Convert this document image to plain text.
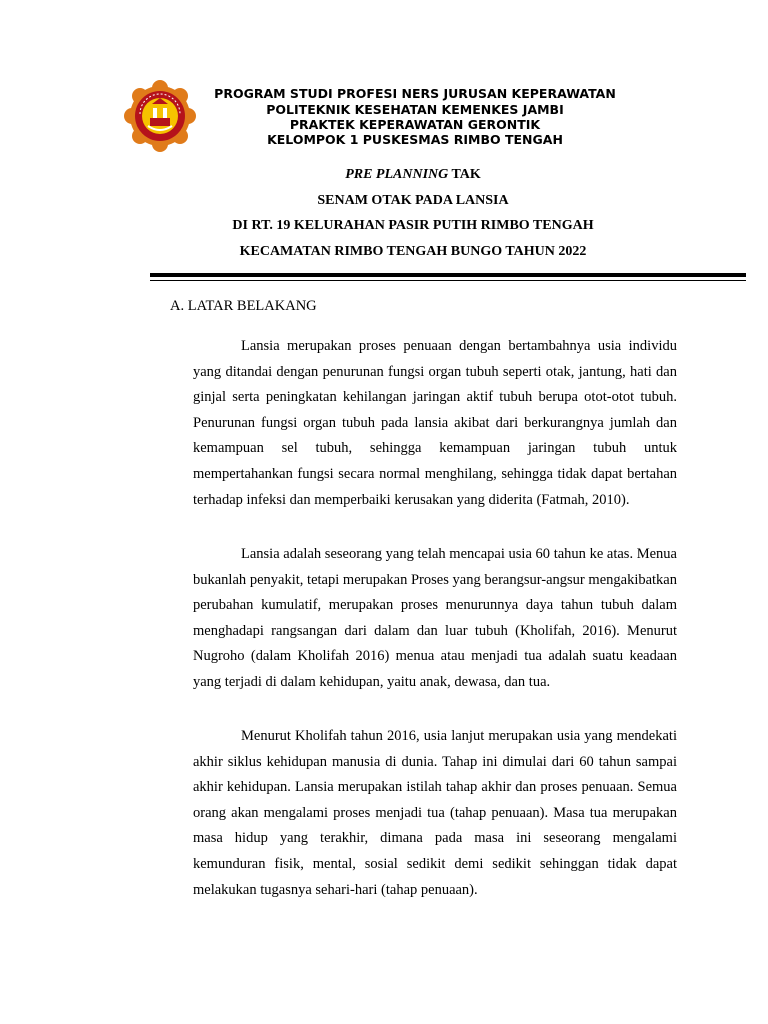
PROGRAM STUDI PROFESI NERS JURUSAN KEPERAWATAN
POLITEKNIK KESEHATAN KEMENKES JAMBI
PRAKTEK KEPERAWATAN GERONTIK
KELOMPOK 1 PUSKESMAS RIMBO TENGAH
PRE PLANNING TAK
SENAM OTAK PADA LANSIA
DI RT. 19 KELURAHAN PASIR PUTIH RIMBO TENGAH
KECAMATAN RIMBO TENGAH BUNGO TAHUN 2022
A. LATAR BELAKANG

Lansia merupakan proses penuaan dengan bertambahnya usia individu yang ditandai dengan penurunan fungsi organ tubuh seperti otak, jantung, hati dan ginjal serta peningkatan kehilangan jaringan aktif tubuh berupa otot-otot tubuh. Penurunan fungsi organ tubuh pada lansia akibat dari berkurangnya jumlah dan kemampuan sel tubuh, sehingga kemampuan jaringan tubuh untuk mempertahankan fungsi secara normal menghilang, sehingga tidak dapat bertahan terhadap infeksi dan memperbaiki kerusakan yang diderita (Fatmah, 2010).

Lansia adalah seseorang yang telah mencapai usia 60 tahun ke atas. Menua bukanlah penyakit, tetapi merupakan Proses yang berangsur-angsur mengakibatkan perubahan kumulatif, merupakan proses menurunnya daya tahun tubuh dalam menghadapi rangsangan dari dalam dan luar tubuh (Kholifah, 2016). Menurut Nugroho (dalam Kholifah 2016) menua atau menjadi tua adalah suatu keadaan yang terjadi di dalam kehidupan, yaitu anak, dewasa, dan tua.

Menurut Kholifah tahun 2016, usia lanjut merupakan usia yang mendekati akhir siklus kehidupan manusia di dunia. Tahap ini dimulai dari 60 tahun sampai akhir kehidupan. Lansia merupakan istilah tahap akhir dan proses penuaan. Semua orang akan mengalami proses menjadi tua (tahap penuaan). Masa tua merupakan masa hidup yang terakhir, dimana pada masa ini seseorang mengalami kemunduran fisik, mental, sosial sedikit demi sedikit sehinggan tidak dapat melakukan tugasnya sehari-hari (tahap penuaan).
